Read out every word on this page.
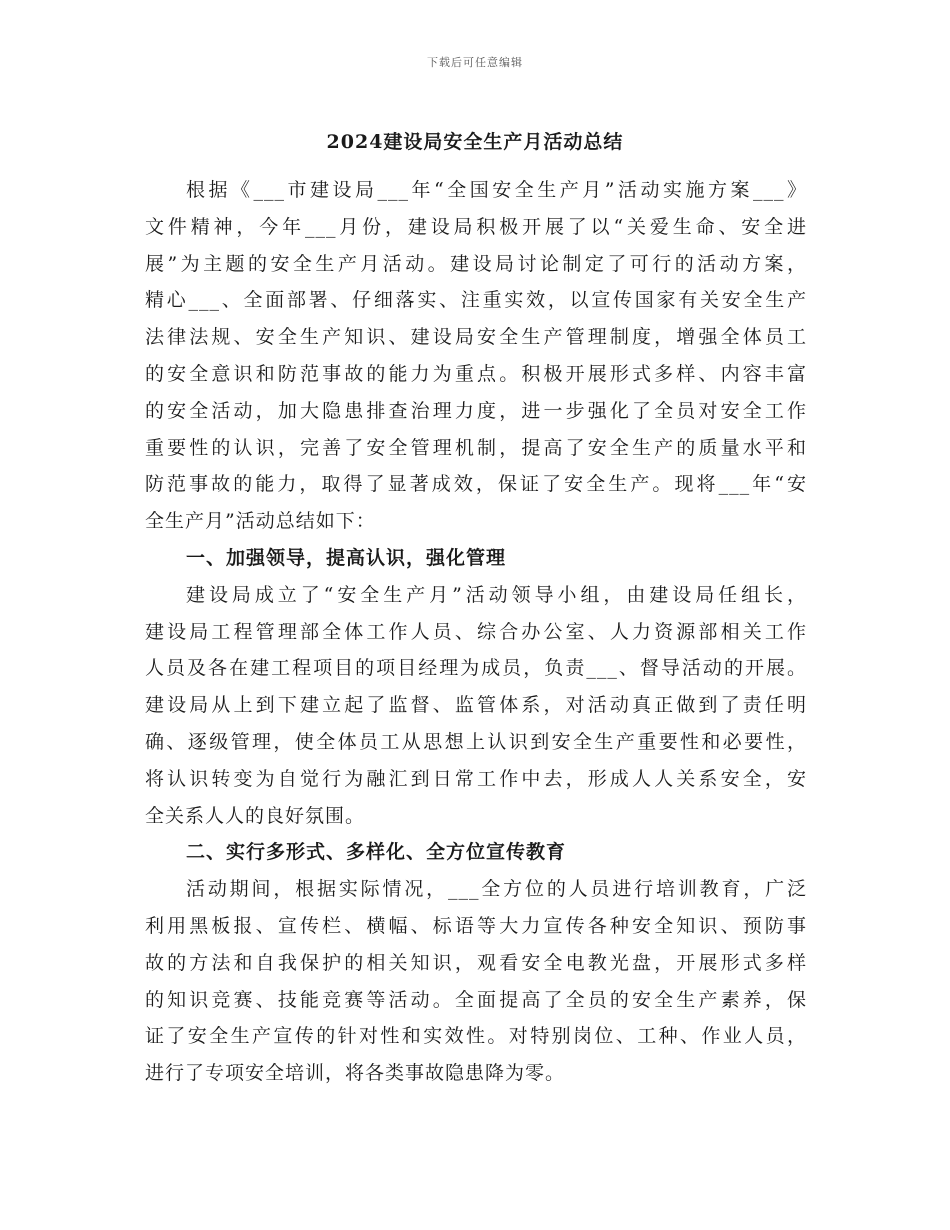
下载后可任意编辑
2024建设局安全生产月活动总结
根据《___市建设局___年“全国安全生产月”活动实施方案___》
文件精神，今年___月份，建设局积极开展了以“关爱生命、安全进
展”为主题的安全生产月活动。建设局讨论制定了可行的活动方案，
精心___、全面部署、仔细落实、注重实效，以宣传国家有关安全生产
法律法规、安全生产知识、建设局安全生产管理制度，增强全体员工
的安全意识和防范事故的能力为重点。积极开展形式多样、内容丰富
的安全活动，加大隐患排查治理力度，进一步强化了全员对安全工作
重要性的认识，完善了安全管理机制，提高了安全生产的质量水平和
防范事故的能力，取得了显著成效，保证了安全生产。现将___年“安
全生产月”活动总结如下：
一、加强领导，提高认识，强化管理
建设局成立了“安全生产月”活动领导小组，由建设局任组长，
建设局工程管理部全体工作人员、综合办公室、人力资源部相关工作
人员及各在建工程项目的项目经理为成员，负责___、督导活动的开展。
建设局从上到下建立起了监督、监管体系，对活动真正做到了责任明
确、逐级管理，使全体员工从思想上认识到安全生产重要性和必要性，
将认识转变为自觉行为融汇到日常工作中去，形成人人关系安全，安
全关系人人的良好氛围。
二、实行多形式、多样化、全方位宣传教育
活动期间，根据实际情况，___全方位的人员进行培训教育，广泛
利用黑板报、宣传栏、横幅、标语等大力宣传各种安全知识、预防事
故的方法和自我保护的相关知识，观看安全电教光盘，开展形式多样
的知识竞赛、技能竞赛等活动。全面提高了全员的安全生产素养，保
证了安全生产宣传的针对性和实效性。对特别岗位、工种、作业人员，
进行了专项安全培训，将各类事故隐患降为零。
